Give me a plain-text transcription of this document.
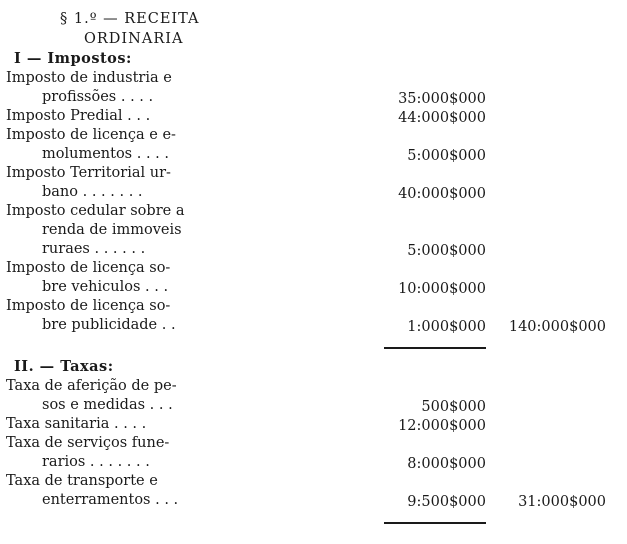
§ 1.º — RECEITA
ORDINARIA
I — Impostos:
Imposto de industria e
profissões . . . .	35:000$000
Imposto Predial . . .	44:000$000
Imposto de licença e e-
molumentos . . . .	5:000$000
Imposto Territorial ur-
bano . . . . . . .	40:000$000
Imposto cedular sobre a
renda de immoveis
ruraes . . . . . .	5:000$000
Imposto de licença so-
bre vehiculos . . .	10:000$000
Imposto de licença so-
bre publicidade . .	1:000$000 140:000$000
II. — Taxas:
Taxa de aferição de pe-
sos e medidas . . .	500$000
Taxa sanitaria . . . .	12:000$000
Taxa de serviços fune-
rarios . . . . . . .	8:000$000
Taxa de transporte e
enterramentos . . .	9:500$000 31:000$000
